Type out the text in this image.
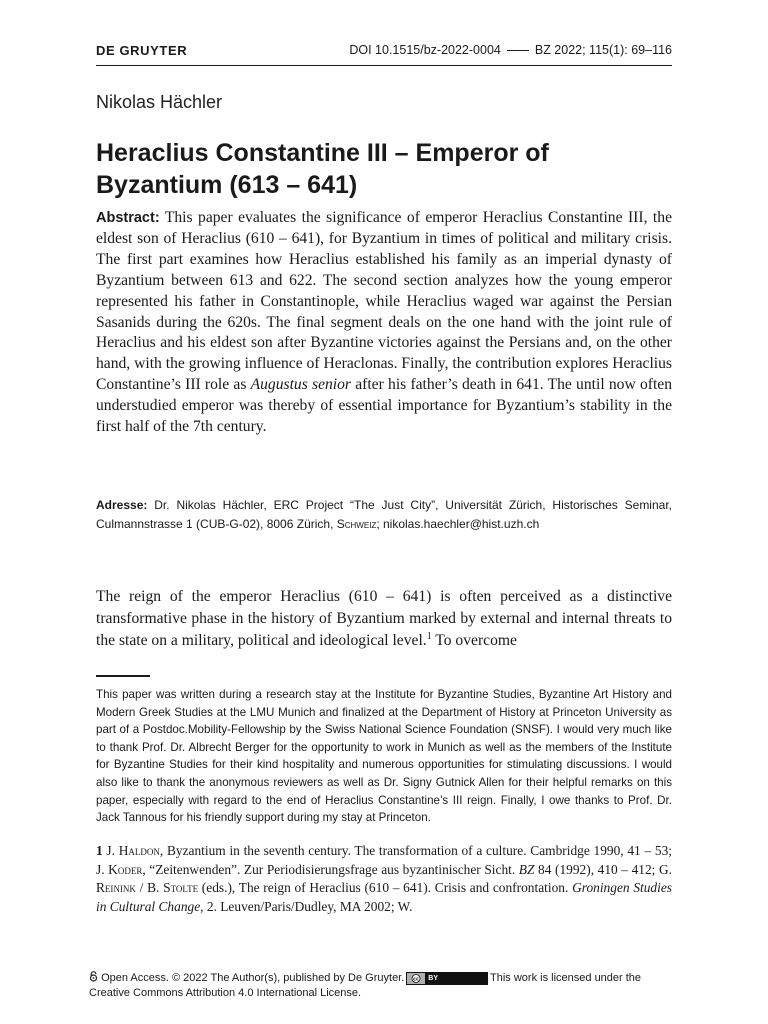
DE GRUYTER	DOI 10.1515/bz-2022-0004	BZ 2022; 115(1): 69–116
Nikolas Hächler
Heraclius Constantine III – Emperor of
Byzantium (613 – 641)
Abstract: This paper evaluates the significance of emperor Heraclius Constantine III, the eldest son of Heraclius (610 – 641), for Byzantium in times of political and military crisis. The first part examines how Heraclius established his family as an imperial dynasty of Byzantium between 613 and 622. The second section analyzes how the young emperor represented his father in Constantinople, while Heraclius waged war against the Persian Sasanids during the 620s. The final segment deals on the one hand with the joint rule of Heraclius and his eldest son after Byzantine victories against the Persians and, on the other hand, with the growing influence of Heraclonas. Finally, the contribution explores Heraclius Constantine’s III role as Augustus senior after his father’s death in 641. The until now often understudied emperor was thereby of essential importance for Byzantium’s stability in the first half of the 7th century.
Adresse: Dr. Nikolas Hächler, ERC Project “The Just City”, Universität Zürich, Historisches Seminar, Culmannstrasse 1 (CUB-G-02), 8006 Zürich, Schweiz; nikolas.haechler@hist.uzh.ch
The reign of the emperor Heraclius (610 – 641) is often perceived as a distinctive transformative phase in the history of Byzantium marked by external and internal threats to the state on a military, political and ideological level.$^1$ To overcome
This paper was written during a research stay at the Institute for Byzantine Studies, Byzantine Art History and Modern Greek Studies at the LMU Munich and finalized at the Department of History at Princeton University as part of a Postdoc.Mobility-Fellowship by the Swiss National Science Foundation (SNSF). I would very much like to thank Prof. Dr. Albrecht Berger for the opportunity to work in Munich as well as the members of the Institute for Byzantine Studies for their kind hospitality and numerous opportunities for stimulating discussions. I would also like to thank the anonymous reviewers as well as Dr. Signy Gutnick Allen for their helpful remarks on this paper, especially with regard to the end of Heraclius Constantine’s III reign. Finally, I owe thanks to Prof. Dr. Jack Tannous for his friendly support during my stay at Princeton.
1 J. Haldon, Byzantium in the seventh century. The transformation of a culture. Cambridge 1990, 41 – 53; J. Koder, “Zeitenwenden”. Zur Periodisierungsfrage aus byzantinischer Sicht. BZ 84 (1992), 410 – 412; G. Reinink / B. Stolte (eds.), The reign of Heraclius (610 – 641). Crisis and confrontation. Groningen Studies in Cultural Change, 2. Leuven/Paris/Dudley, MA 2002; W.
Open Access. © 2022 The Author(s), published by De Gruyter. cc	BY	This work is licensed under the Creative Commons Attribution 4.0 International License.
